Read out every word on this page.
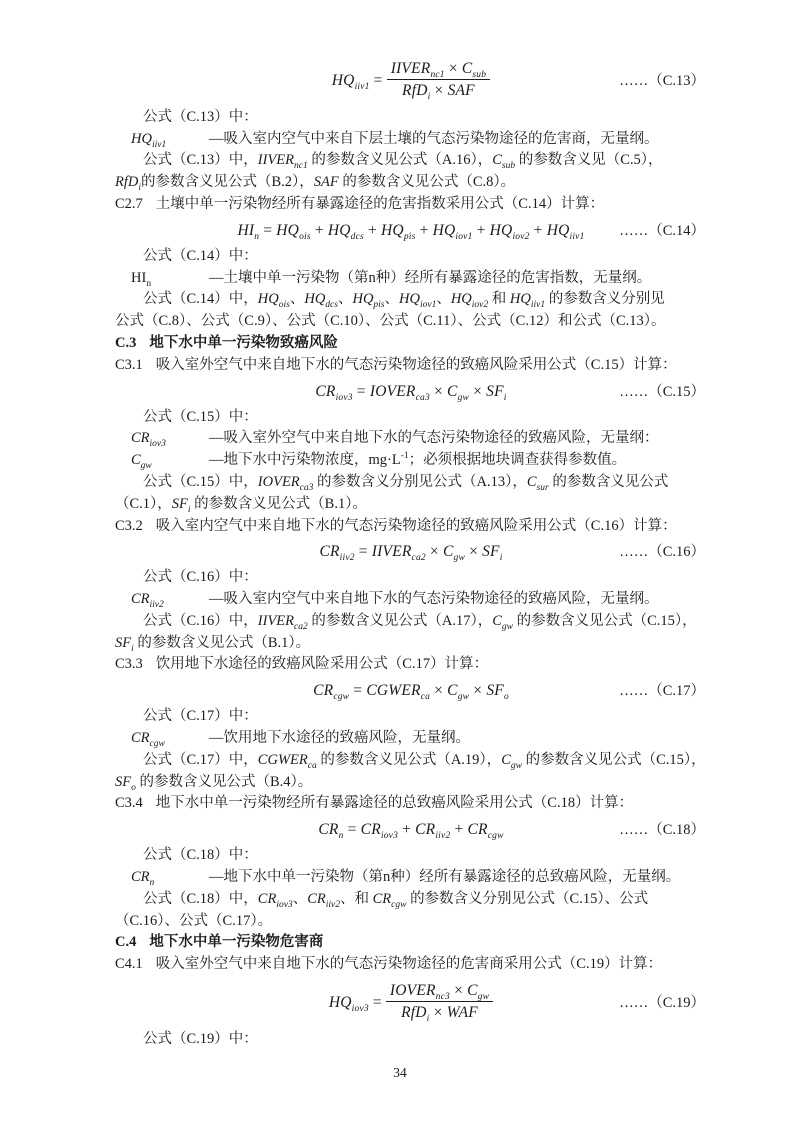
$HQ_{iiv1} = \frac{IIVER_{nc1} \times C_{sub}}{RfD_i \times SAF}$	……（C.13）
公式（C.13）中：
$HQ_{iiv1}$	—吸入室内空气中来自下层土壤的气态污染物途径的危害商，无量纲。
公式（C.13）中，$IIVER_{nc1}$ 的参数含义见公式（A.16），$C_{sub}$ 的参数含义见（C.5），
RfD$_i$的参数含义见公式（B.2），SAF 的参数含义见公式（C.8）。
C2.7 土壤中单一污染物经所有暴露途径的危害指数采用公式（C.14）计算：
$HI_n = HQ_{ois} + HQ_{dcs} + HQ_{pis} + HQ_{iov1} + HQ_{iov2} + HQ_{iiv1}$ ……（C.14）
公式（C.14）中：
$HI_n$	—土壤中单一污染物（第n种）经所有暴露途径的危害指数，无量纲。
公式（C.14）中，$HQ_{ois}$、$HQ_{dcs}$、$HQ_{pis}$、$HQ_{iov1}$、$HQ_{iov2}$ 和 $HQ_{iiv1}$ 的参数含义分别见
公式（C.8）、公式（C.9）、公式（C.10）、公式（C.11）、公式（C.12）和公式（C.13）。
C.3 地下水中单一污染物致癌风险
C3.1 吸入室外空气中来自地下水的气态污染物途径的致癌风险采用公式（C.15）计算：
$CR_{iov3}$ = $IOVER_{ca3} \times C_{gw} \times SF_i$	……（C.15）
公式（C.15）中：
$CR_{iov3}$	—吸入室外空气中来自地下水的气态污染物途径的致癌风险，无量纲：
$C_{gw}$	—地下水中污染物浓度，$mg\cdot L^{-1}$；必须根据地块调查获得参数值。
公式（C.15）中，$IOVER_{ca3}$ 的参数含义分别见公式（A.13），$C_{sur}$ 的参数含义见公式
（C.1），$SF_i$ 的参数含义见公式（B.1）。
C3.2 吸入室内空气中来自地下水的气态污染物途径的致癌风险采用公式（C.16）计算：
$CR_{iiv2}$ = $IIVER_{ca2} \times C_{gw} \times SF_i$	……（C.16）
公式（C.16）中：
$CR_{iiv2}$	—吸入室内空气中来自地下水的气态污染物途径的致癌风险，无量纲。
公式（C.16）中，$IIVER_{ca2}$ 的参数含义见公式（A.17），$C_{gw}$ 的参数含义见公式（C.15），
$SF_i$ 的参数含义见公式（B.1）。
C3.3 饮用地下水途径的致癌风险采用公式（C.17）计算：
$CR_{cgw}$ = $CGWER_{ca} \times C_{gw} \times SF_o$	……（C.17）
公式（C.17）中：
$CR_{cgw}$	—饮用地下水途径的致癌风险，无量纲。
公式（C.17）中，$CGWER_{ca}$ 的参数含义见公式（A.19），$C_{gw}$ 的参数含义见公式（C.15），
$SF_o$ 的参数含义见公式（B.4）。
C3.4 地下水中单一污染物经所有暴露途径的总致癌风险采用公式（C.18）计算：
$CR_n = CR_{iov3} + CR_{iiv2} + CR_{cgw}$	……（C.18）
公式（C.18）中：
$CR_n$	—地下水中单一污染物（第n种）经所有暴露途径的总致癌风险，无量纲。
公式（C.18）中，$CR_{iov3}$、$CR_{iiv2}$、和 $CR_{cgw}$ 的参数含义分别见公式（C.15）、公式
（C.16）、公式（C.17）。
C.4 地下水中单一污染物危害商
C4.1 吸入室外空气中来自地下水的气态污染物途径的危害商采用公式（C.19）计算：
$HQ_{iov3} = \frac{IOVER_{nc3} \times C_{gw}}{RfD_i \times WAF}$	……（C.19）
公式（C.19）中：
34
